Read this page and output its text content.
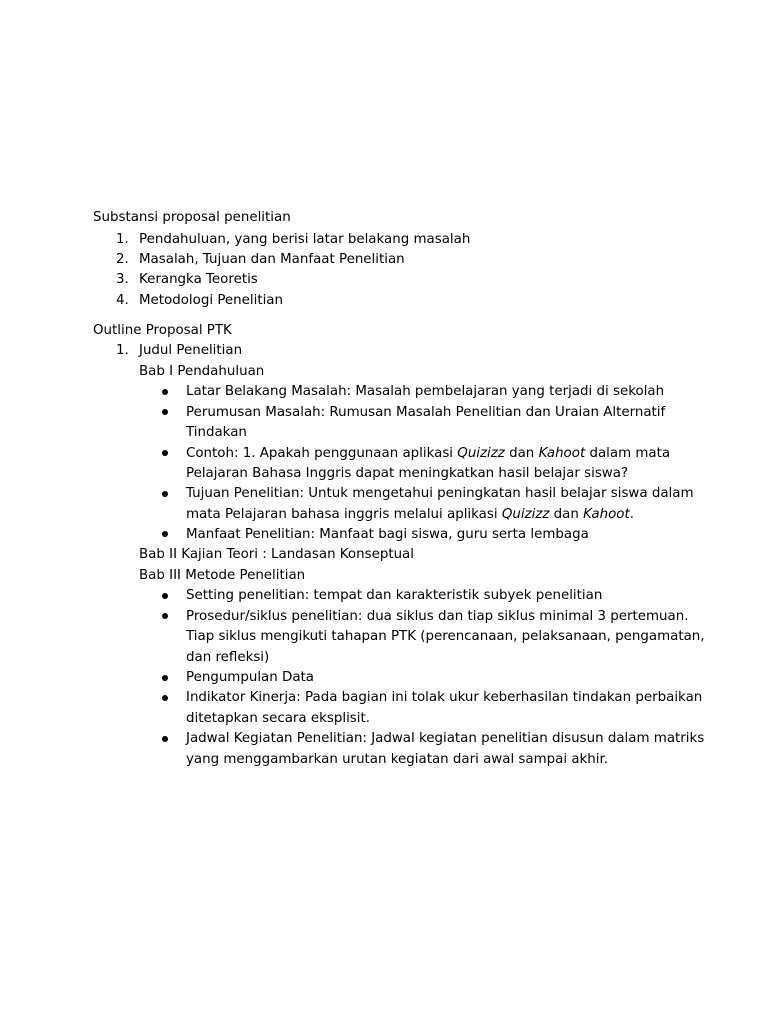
Substansi proposal penelitian
1. Pendahuluan, yang berisi latar belakang masalah
2. Masalah, Tujuan dan Manfaat Penelitian
3. Kerangka Teoretis
4. Metodologi Penelitian
Outline Proposal PTK
1. Judul Penelitian
Bab I Pendahuluan
Latar Belakang Masalah: Masalah pembelajaran yang terjadi di sekolah
Perumusan Masalah: Rumusan Masalah Penelitian dan Uraian Alternatif
Tindakan
Contoh: 1. Apakah penggunaan aplikasi Quizizz dan Kahoot dalam mata
Pelajaran Bahasa Inggris dapat meningkatkan hasil belajar siswa?
Tujuan Penelitian: Untuk mengetahui peningkatan hasil belajar siswa dalam
mata Pelajaran bahasa inggris melalui aplikasi Quizizz dan Kahoot.
Manfaat Penelitian: Manfaat bagi siswa, guru serta lembaga
Bab II Kajian Teori : Landasan Konseptual
Bab III Metode Penelitian
Setting penelitian: tempat dan karakteristik subyek penelitian
Prosedur/siklus penelitian: dua siklus dan tiap siklus minimal 3 pertemuan.
Tiap siklus mengikuti tahapan PTK (perencanaan, pelaksanaan, pengamatan,
dan refleksi)
Pengumpulan Data
Indikator Kinerja: Pada bagian ini tolak ukur keberhasilan tindakan perbaikan
ditetapkan secara eksplisit.
Jadwal Kegiatan Penelitian: Jadwal kegiatan penelitian disusun dalam matriks
yang menggambarkan urutan kegiatan dari awal sampai akhir.
